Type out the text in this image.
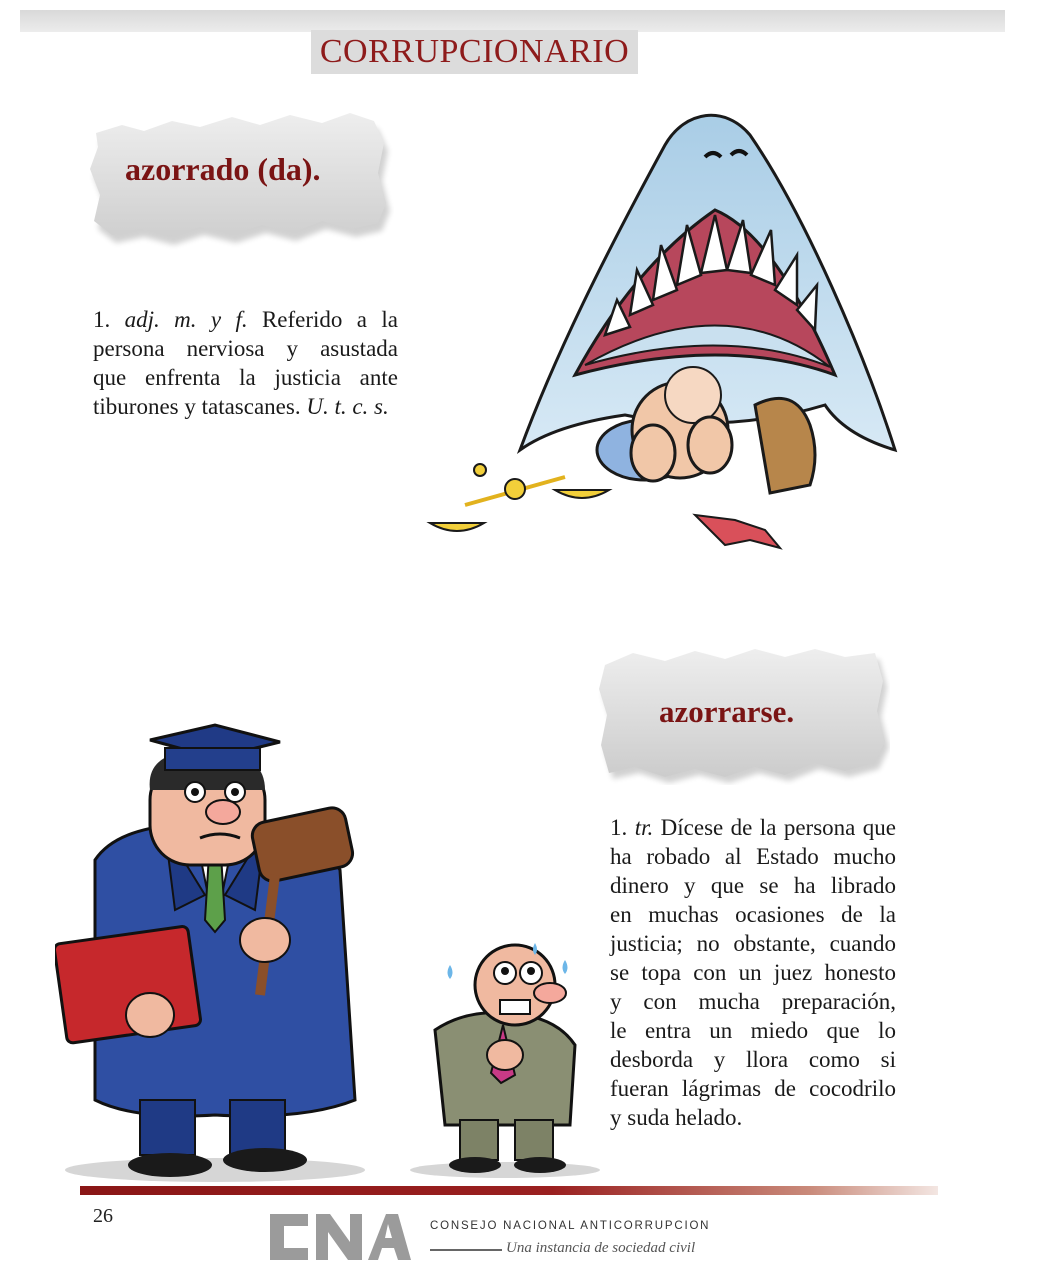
CORRUPCIONARIO
azorrado (da).
1. adj. m. y f. Referido a la
persona nerviosa y asustada
que enfrenta la justicia ante
tiburones y tatascanes. U. t. c. s.
azorrarse.
1. tr. Dícese de la persona que
ha robado al Estado mucho
dinero y que se ha librado
en muchas ocasiones de la
justicia; no obstante, cuando
se topa con un juez honesto
y con mucha preparación,
le entra un miedo que lo
desborda y llora como si
fueran lágrimas de cocodrilo
y suda helado.
26	CONSEJO NACIONAL ANTICORRUPCION
Una instancia de sociedad civil
